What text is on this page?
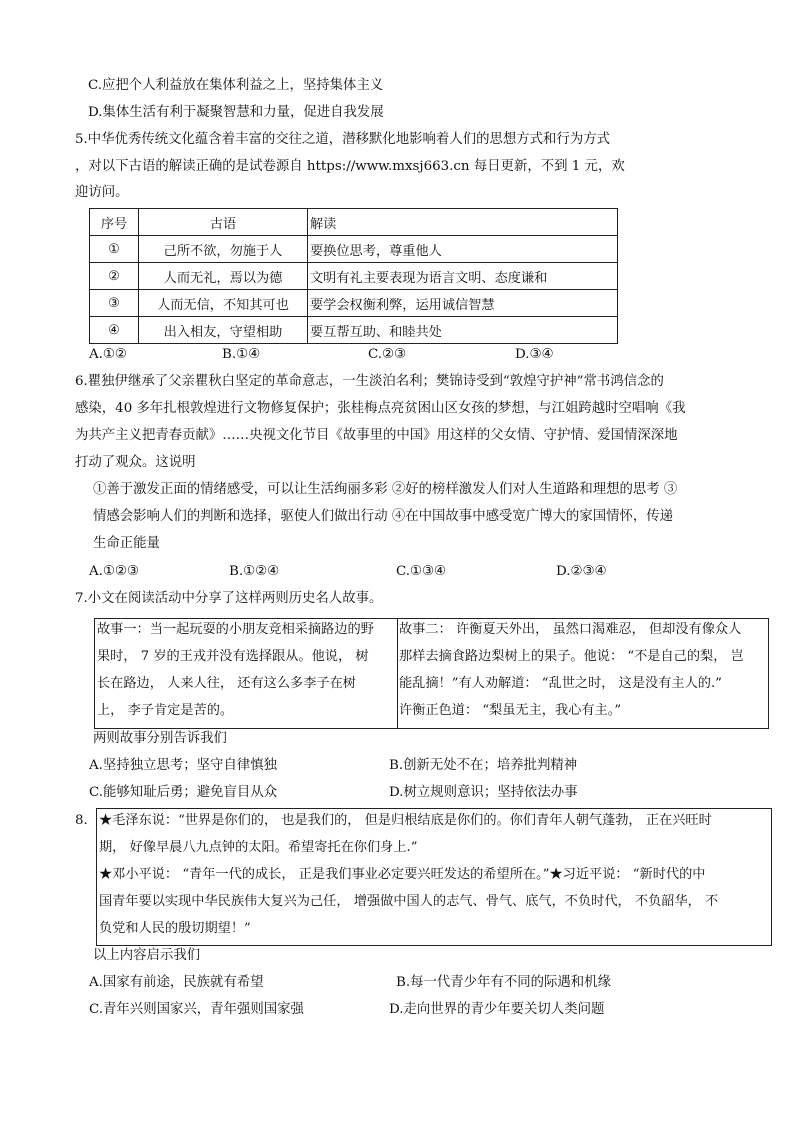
C.应把个人利益放在集体利益之上，坚持集体主义
D.集体生活有利于凝聚智慧和力量，促进自我发展
5.中华优秀传统文化蕴含着丰富的交往之道，潜移默化地影响着人们的思想方式和行为方式
，对以下古语的解读正确的是试卷源自 https://www.mxsj663.cn 每日更新，不到 1 元，欢
迎访问。
序号	古语	解读
①	己所不欲，勿施于人	要换位思考，尊重他人
②	人而无礼，焉以为德	文明有礼主要表现为语言文明、态度谦和
③	人而无信，不知其可也	要学会权衡利弊，运用诚信智慧
④	出入相友，守望相助	要互帮互助、和睦共处
A.①②	B.①④	C.②③	D.③④
6.瞿独伊继承了父亲瞿秋白坚定的革命意志，一生淡泊名利；樊锦诗受到“敦煌守护神”常书鸿信念的
感染，40 多年扎根敦煌进行文物修复保护；张桂梅点亮贫困山区女孩的梦想，与江姐跨越时空唱响《我
为共产主义把青春贡献》……央视文化节目《故事里的中国》用这样的父女情、守护情、爱国情深深地
打动了观众。这说明
①善于激发正面的情绪感受，可以让生活绚丽多彩 ②好的榜样激发人们对人生道路和理想的思考 ③
情感会影响人们的判断和选择，驱使人们做出行动 ④在中国故事中感受宽广博大的家国情怀，传递
生命正能量
A.①②③	B.①②④	C.①③④	D.②③④
7.小文在阅读活动中分享了这样两则历史名人故事。
故事一：当一起玩耍的小朋友竞相采摘路边的野
果时， 7 岁的王戎并没有选择跟从。他说， 树
长在路边， 人来人往， 还有这么多李子在树
上， 李子肯定是苦的。
故事二： 许衡夏天外出， 虽然口渴难忍， 但却没有像众人
那样去摘食路边梨树上的果子。他说： “不是自己的梨， 岂
能乱摘！”有人劝解道： “乱世之时， 这是没有主人的.”
许衡正色道： “梨虽无主，我心有主。”
两则故事分别告诉我们
A.坚持独立思考；坚守自律慎独	B.创新无处不在；培养批判精神
C.能够知耻后勇；避免盲目从众	D.树立规则意识；坚持依法办事
8. ★毛泽东说：“世界是你们的， 也是我们的， 但是归根结底是你们的。你们青年人朝气蓬勃， 正在兴旺时
期， 好像早晨八九点钟的太阳。希望寄托在你们身上.”
★邓小平说： “青年一代的成长， 正是我们事业必定要兴旺发达的希望所在。”★习近平说： “新时代的中
国青年要以实现中华民族伟大复兴为己任， 增强做中国人的志气、骨气、底气，不负时代， 不负韶华， 不
负党和人民的殷切期望！”
以上内容启示我们
A.国家有前途，民族就有希望	B.每一代青少年有不同的际遇和机缘
C.青年兴则国家兴，青年强则国家强	D.走向世界的青少年要关切人类问题
